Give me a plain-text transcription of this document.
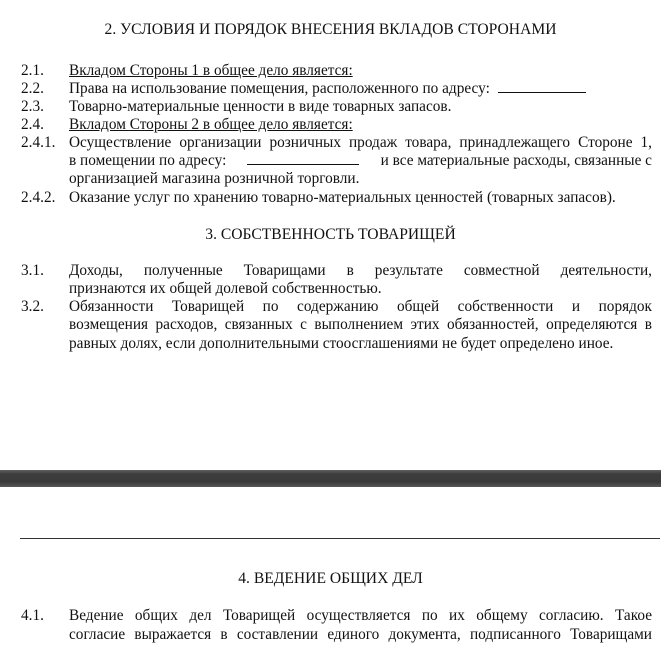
2. УСЛОВИЯ И ПОРЯДОК ВНЕСЕНИЯ ВКЛАДОВ СТОРОНАМИ
2.1. Вкладом Стороны 1 в общее дело является:
2.2. Права на использование помещения, расположенного по адресу:
2.3. Товарно-материальные ценности в виде товарных запасов.
2.4. Вкладом Стороны 2 в общее дело является:
2.4.1. Осуществление организации розничных продаж товара, принадлежащего Стороне 1,
в помещении по адресу:	и все материальные расходы, связанные с
организацией магазина розничной торговли.
2.4.2. Оказание услуг по хранению товарно-материальных ценностей (товарных запасов).
3. СОБСТВЕННОСТЬ ТОВАРИЩЕЙ
3.1. Доходы, полученные Товарищами в результате совместной деятельности,
признаются их общей долевой собственностью.
3.2. Обязанности Товарищей по содержанию общей собственности и порядок
возмещения расходов, связанных с выполнением этих обязанностей, определяются в
равных долях, если дополнительными стоосглашениями не будет определено иное.
4. ВЕДЕНИЕ ОБЩИХ ДЕЛ
4.1. Ведение общих дел Товарищей осуществляется по их общему согласию. Такое
согласие выражается в составлении единого документа, подписанного Товарищами
